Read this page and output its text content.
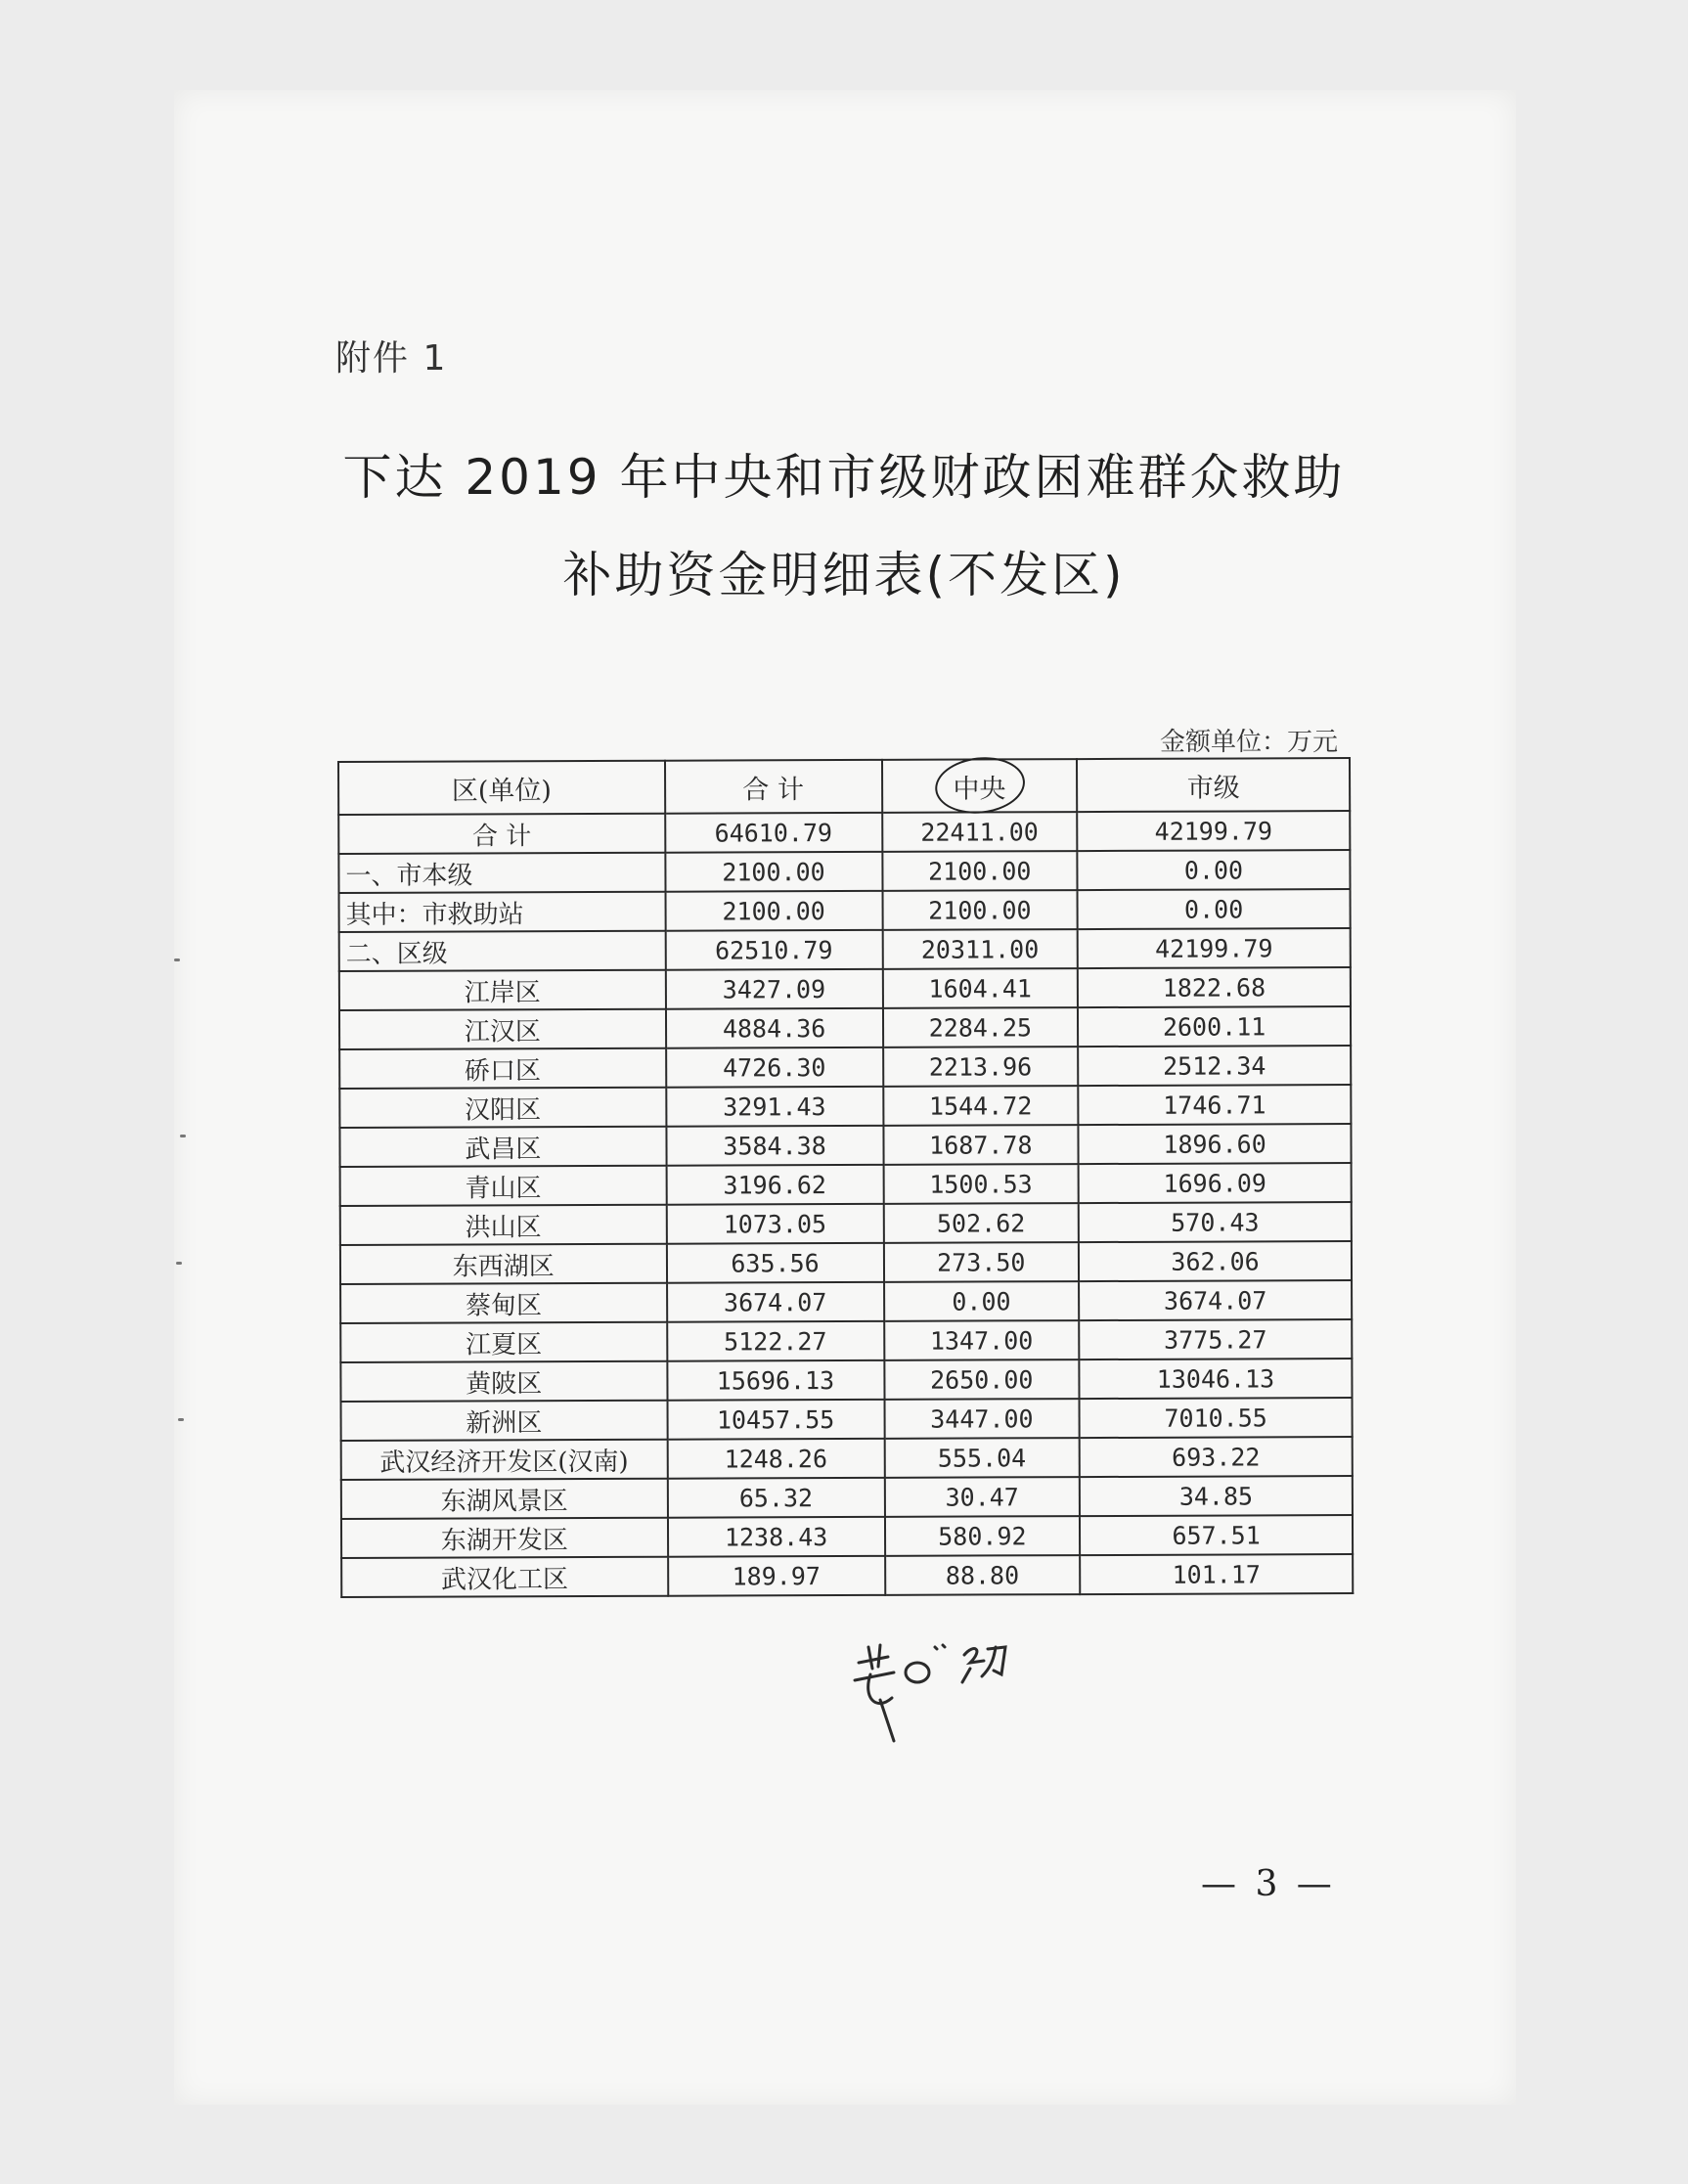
附件 1
下达 2019 年中央和市级财政困难群众救助
补助资金明细表(不发区)
金额单位：万元
区(单位)	合 计	中央	市级
合 计	64610.79	22411.00	42199.79
一、市本级	2100.00	2100.00	0.00
其中：市救助站	2100.00	2100.00	0.00
二、区级	62510.79	20311.00	42199.79
江岸区	3427.09	1604.41	1822.68
江汉区	4884.36	2284.25	2600.11
硚口区	4726.30	2213.96	2512.34
汉阳区	3291.43	1544.72	1746.71
武昌区	3584.38	1687.78	1896.60
青山区	3196.62	1500.53	1696.09
洪山区	1073.05	502.62	570.43
东西湖区	635.56	273.50	362.06
蔡甸区	3674.07	0.00	3674.07
江夏区	5122.27	1347.00	3775.27
黄陂区	15696.13	2650.00	13046.13
新洲区	10457.55	3447.00	7010.55
武汉经济开发区(汉南)	1248.26	555.04	693.22
东湖风景区	65.32	30.47	34.85
东湖开发区	1238.43	580.92	657.51
武汉化工区	189.97	88.80	101.17
— 3 —
